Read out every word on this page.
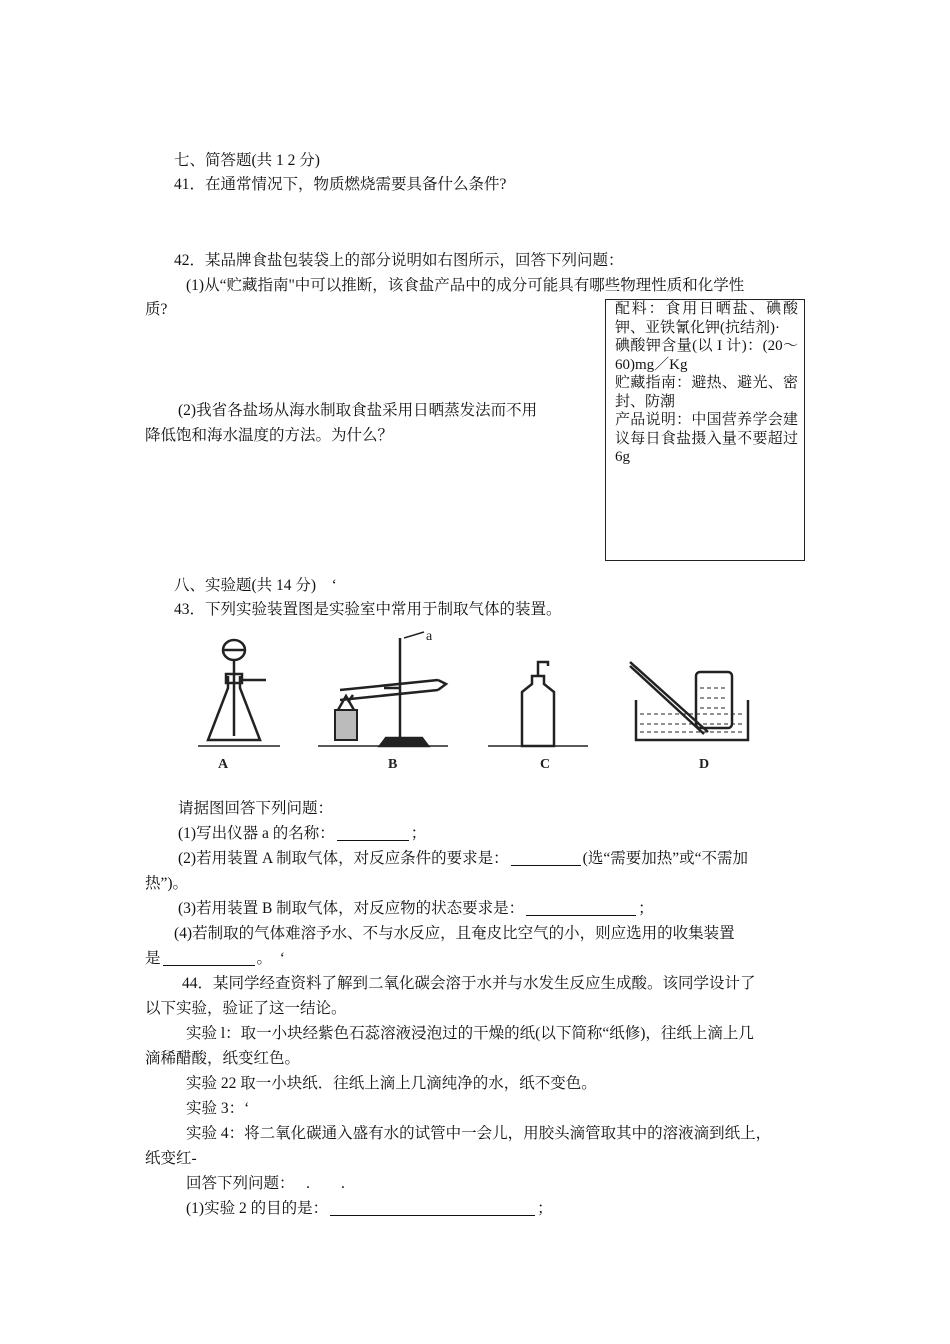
七、简答题(共 1 2 分)
41．在通常情况下，物质燃烧需要具备什么条件?
42．某品牌食盐包装袋上的部分说明如右图所示，回答下列问题：
(1)从“贮藏指南"中可以推断，该食盐产品中的成分可能具有哪些物理性质和化学性
质?
(2)我省各盐场从海水制取食盐采用日晒蒸发法而不用
降低饱和海水温度的方法。为什么？
配料：食用日晒盐、碘酸钾、亚铁氰化钾(抗结剂)·
碘酸钾含量(以 I 计)：(20～60)mg／Kg
贮藏指南：避热、避光、密封、防潮
产品说明：中国营养学会建议每日食盐摄入量不要超过 6g
八、实验题(共 14 分)　‘
43．下列实验装置图是实验室中常用于制取气体的装置。
a
A	B	C	D
请据图回答下列问题：
(1)写出仪器 a 的名称：	；
(2)若用装置 A 制取气体，对反应条件的要求是：	(选“需要加热”或“不需加
热”)。
(3)若用装置 B 制取气体，对反应物的状态要求是：	；
(4)若制取的气体难溶予水、不与水反应，且奄皮比空气的小，则应选用的收集装置
是	。　‘
44．某同学经查资料了解到二氧化碳会溶于水并与水发生反应生成酸。该同学设计了
以下实验，验证了这一结论。
实验 l：取一小块经紫色石蕊溶液浸泡过的干燥的纸(以下简称“纸修)，往纸上滴上几
滴稀醋酸，纸变红色。
实验 22 取一小块纸．往纸上滴上几滴纯净的水，纸不变色。
实验 3：‘
实验 4：将二氧化碳通入盛有水的试管中一会儿，用胶头滴管取其中的溶液滴到纸上，
纸变红-
回答下列问题：　 .　　.
(1)实验 2 的目的是：	；
